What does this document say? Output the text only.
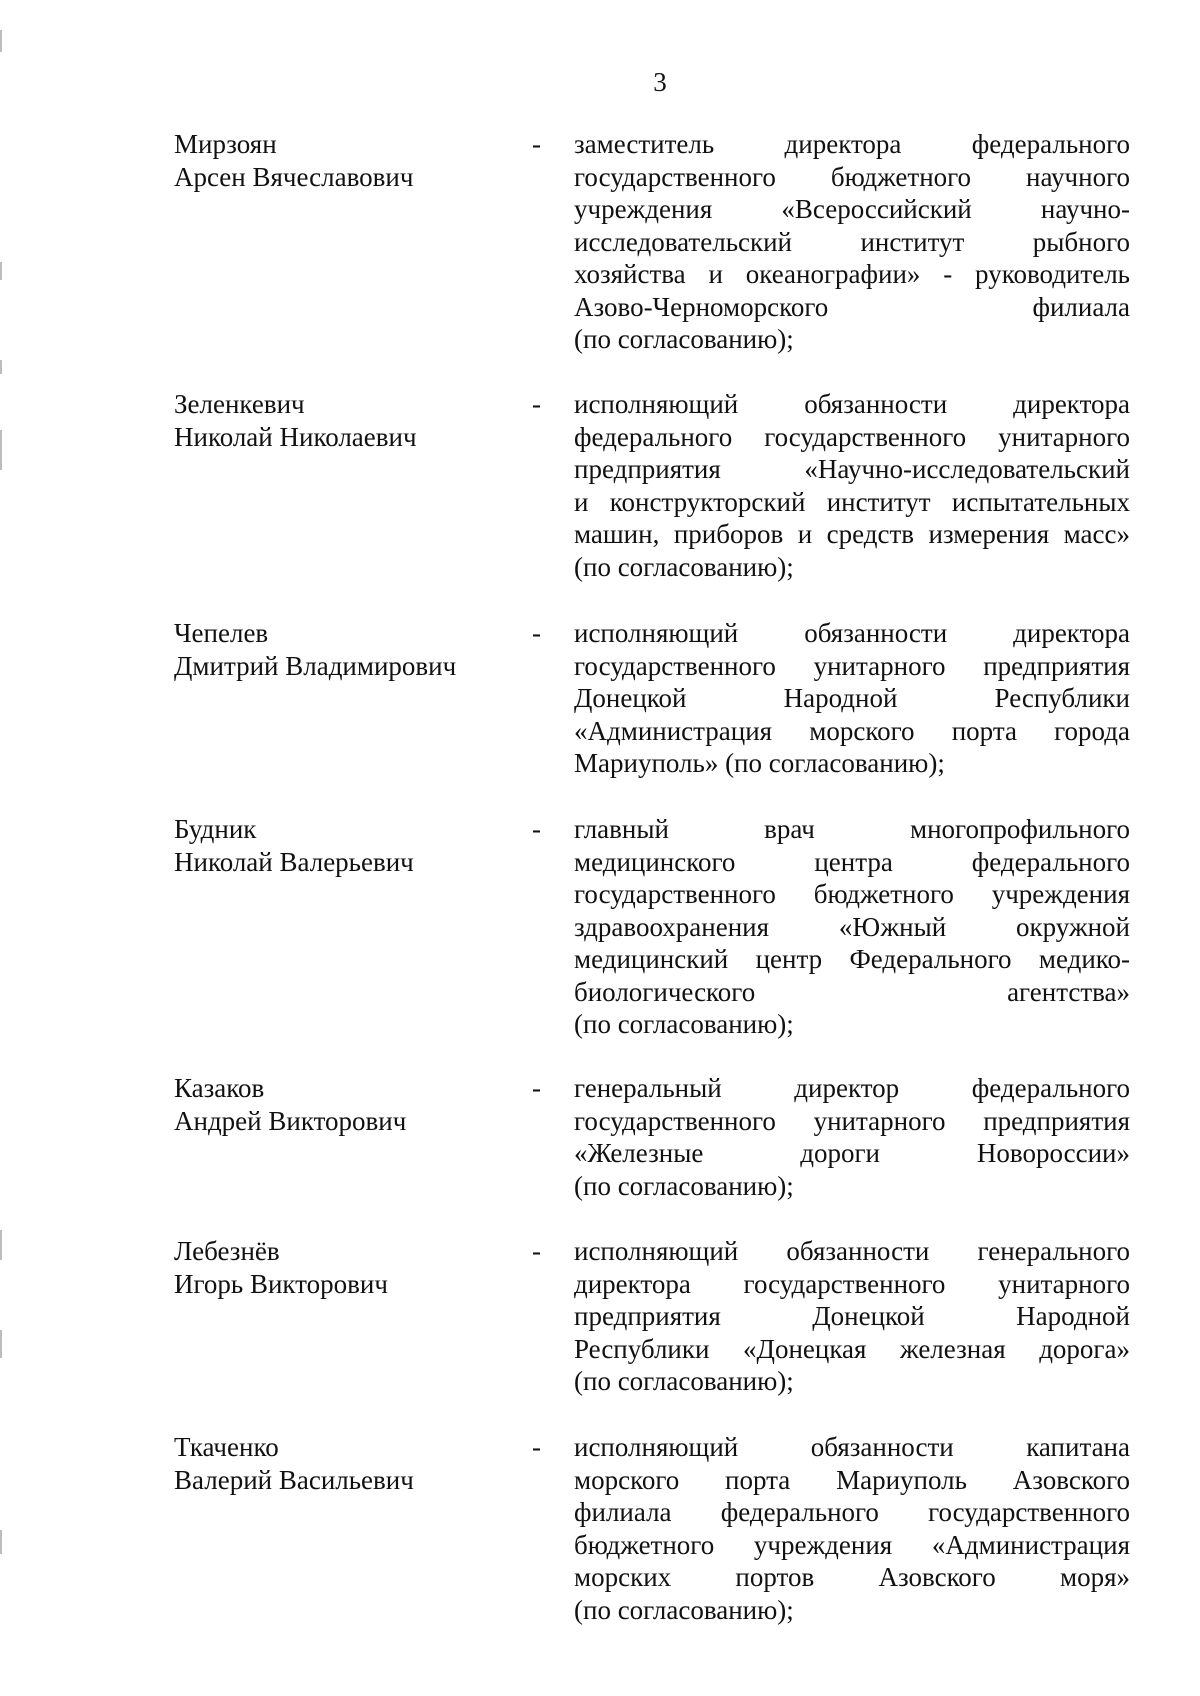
3
Мирзоян
Арсен Вячеславович
- заместитель директора федерального
государственного бюджетного научного
учреждения «Всероссийский научно-
исследовательский институт рыбного
хозяйства и океанографии» - руководитель
Азово-Черноморского филиала
(по согласованию);
Зеленкевич
Николай Николаевич
- исполняющий обязанности директора
федерального государственного унитарного
предприятия «Научно-исследовательский
и конструкторский институт испытательных
машин, приборов и средств измерения масс»
(по согласованию);
Чепелев
Дмитрий Владимирович
- исполняющий обязанности директора
государственного унитарного предприятия
Донецкой Народной Республики
«Администрация морского порта города
Мариуполь» (по согласованию);
Будник
Николай Валерьевич
- главный врач многопрофильного
медицинского центра федерального
государственного бюджетного учреждения
здравоохранения «Южный окружной
медицинский центр Федерального медико-
биологического агентства»
(по согласованию);
Казаков
Андрей Викторович
- генеральный директор федерального
государственного унитарного предприятия
«Железные дороги Новороссии»
(по согласованию);
Лебезнёв
Игорь Викторович
- исполняющий обязанности генерального
директора государственного унитарного
предприятия Донецкой Народной
Республики «Донецкая железная дорога»
(по согласованию);
Ткаченко
Валерий Васильевич
- исполняющий обязанности капитана
морского порта Мариуполь Азовского
филиала федерального государственного
бюджетного учреждения «Администрация
морских портов Азовского моря»
(по согласованию);
